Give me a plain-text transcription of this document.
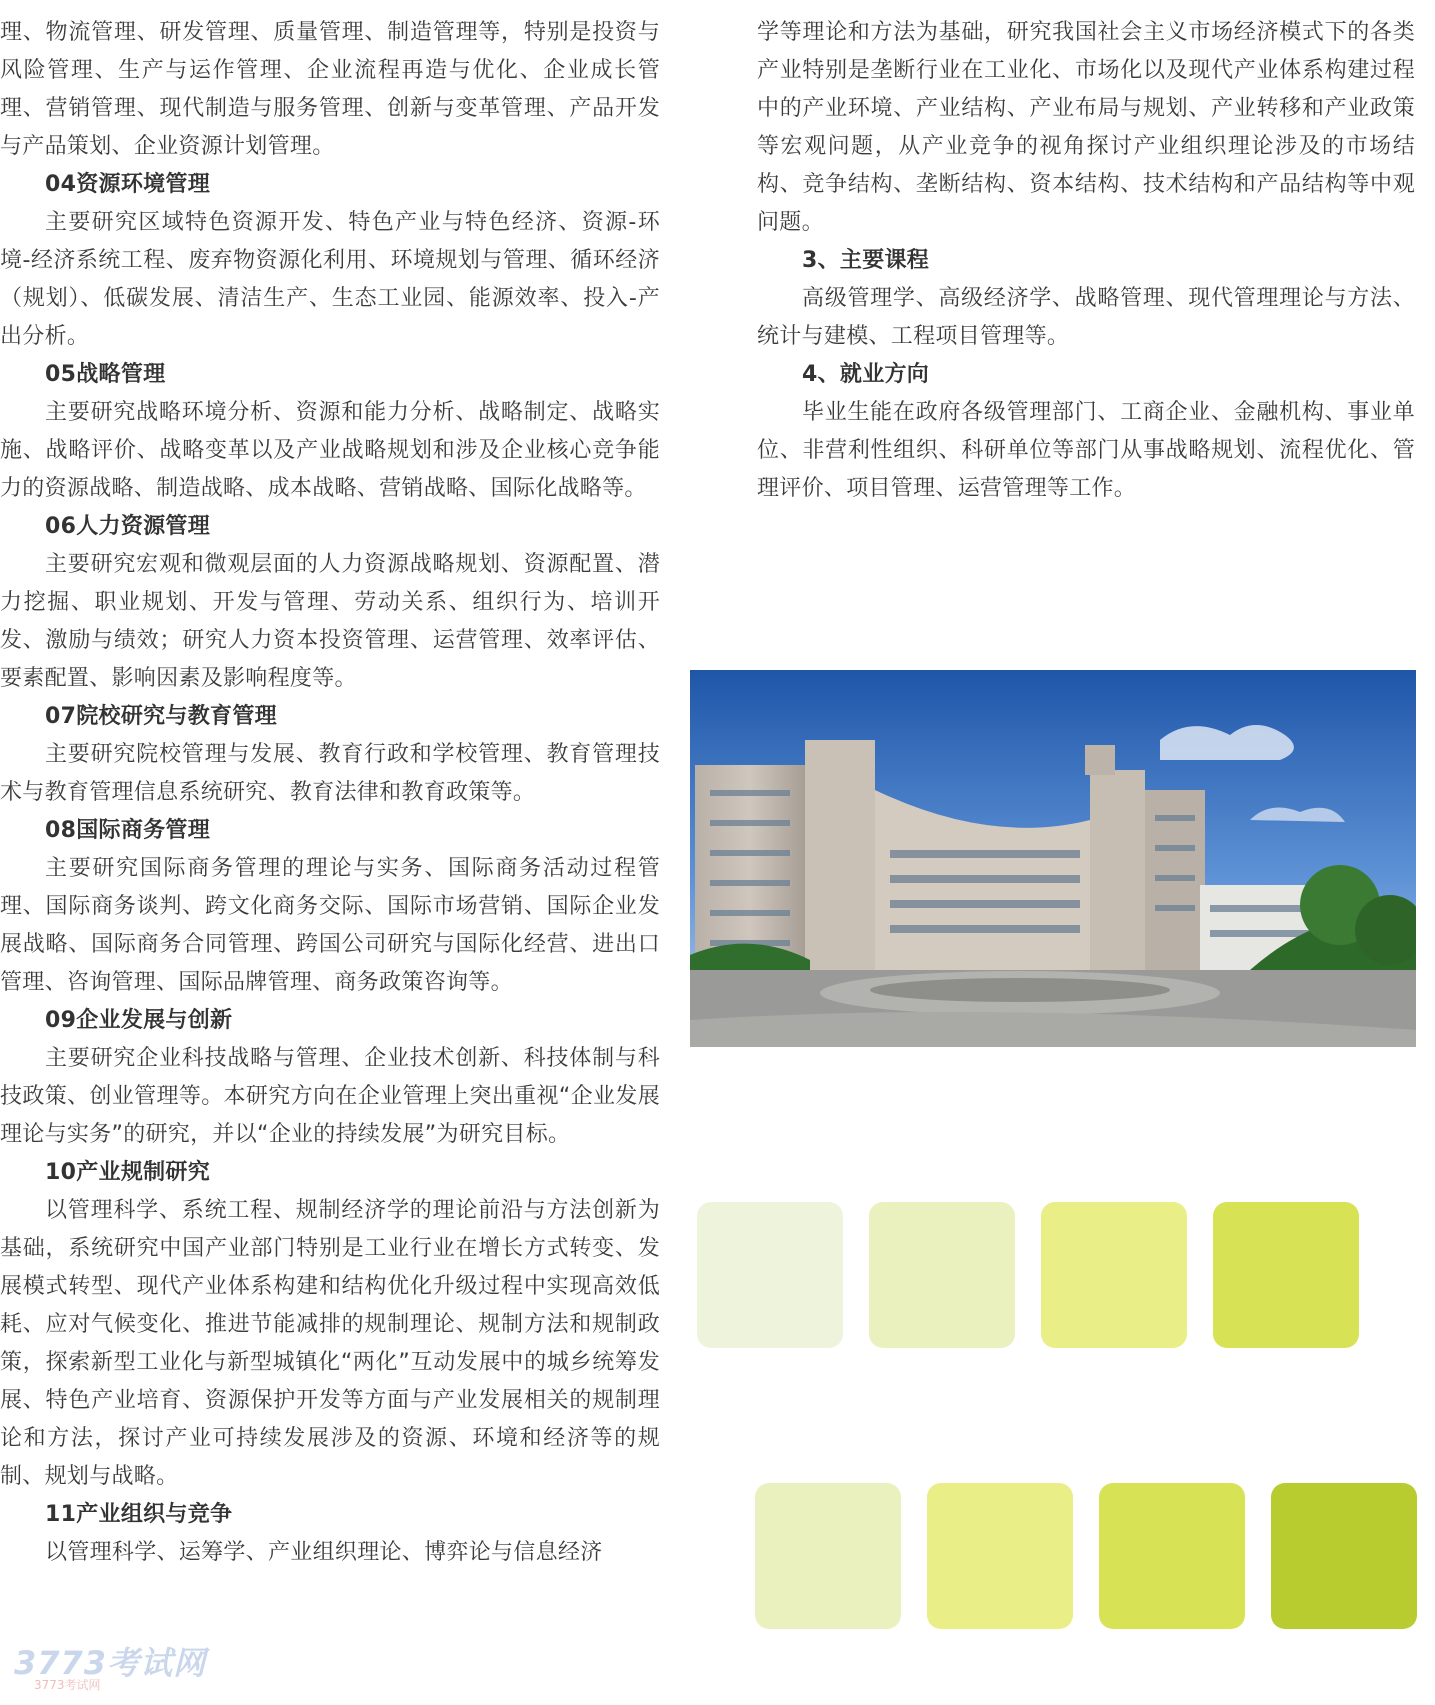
理、物流管理、研发管理、质量管理、制造管理等，特别是投资与风险管理、生产与运作管理、企业流程再造与优化、企业成长管理、营销管理、现代制造与服务管理、创新与变革管理、产品开发与产品策划、企业资源计划管理。

04资源环境管理

主要研究区域特色资源开发、特色产业与特色经济、资源-环境-经济系统工程、废弃物资源化利用、环境规划与管理、循环经济（规划）、低碳发展、清洁生产、生态工业园、能源效率、投入-产出分析。

05战略管理

主要研究战略环境分析、资源和能力分析、战略制定、战略实施、战略评价、战略变革以及产业战略规划和涉及企业核心竞争能力的资源战略、制造战略、成本战略、营销战略、国际化战略等。

06人力资源管理

主要研究宏观和微观层面的人力资源战略规划、资源配置、潜力挖掘、职业规划、开发与管理、劳动关系、组织行为、培训开发、激励与绩效；研究人力资本投资管理、运营管理、效率评估、要素配置、影响因素及影响程度等。

07院校研究与教育管理

主要研究院校管理与发展、教育行政和学校管理、教育管理技术与教育管理信息系统研究、教育法律和教育政策等。

08国际商务管理

主要研究国际商务管理的理论与实务、国际商务活动过程管理、国际商务谈判、跨文化商务交际、国际市场营销、国际企业发展战略、国际商务合同管理、跨国公司研究与国际化经营、进出口管理、咨询管理、国际品牌管理、商务政策咨询等。

09企业发展与创新

主要研究企业科技战略与管理、企业技术创新、科技体制与科技政策、创业管理等。本研究方向在企业管理上突出重视“企业发展理论与实务”的研究，并以“企业的持续发展”为研究目标。

10产业规制研究

以管理科学、系统工程、规制经济学的理论前沿与方法创新为基础，系统研究中国产业部门特别是工业行业在增长方式转变、发展模式转型、现代产业体系构建和结构优化升级过程中实现高效低耗、应对气候变化、推进节能减排的规制理论、规制方法和规制政策，探索新型工业化与新型城镇化“两化”互动发展中的城乡统筹发展、特色产业培育、资源保护开发等方面与产业发展相关的规制理论和方法，探讨产业可持续发展涉及的资源、环境和经济等的规制、规划与战略。

11产业组织与竞争

以管理科学、运筹学、产业组织理论、博弈论与信息经济

学等理论和方法为基础，研究我国社会主义市场经济模式下的各类产业特别是垄断行业在工业化、市场化以及现代产业体系构建过程中的产业环境、产业结构、产业布局与规划、产业转移和产业政策等宏观问题，从产业竞争的视角探讨产业组织理论涉及的市场结构、竞争结构、垄断结构、资本结构、技术结构和产品结构等中观问题。

3、主要课程

高级管理学、高级经济学、战略管理、现代管理理论与方法、统计与建模、工程项目管理等。

4、就业方向

毕业生能在政府各级管理部门、工商企业、金融机构、事业单位、非营利性组织、科研单位等部门从事战略规划、流程优化、管理评价、项目管理、运营管理等工作。

3773考试网
3773考试网
